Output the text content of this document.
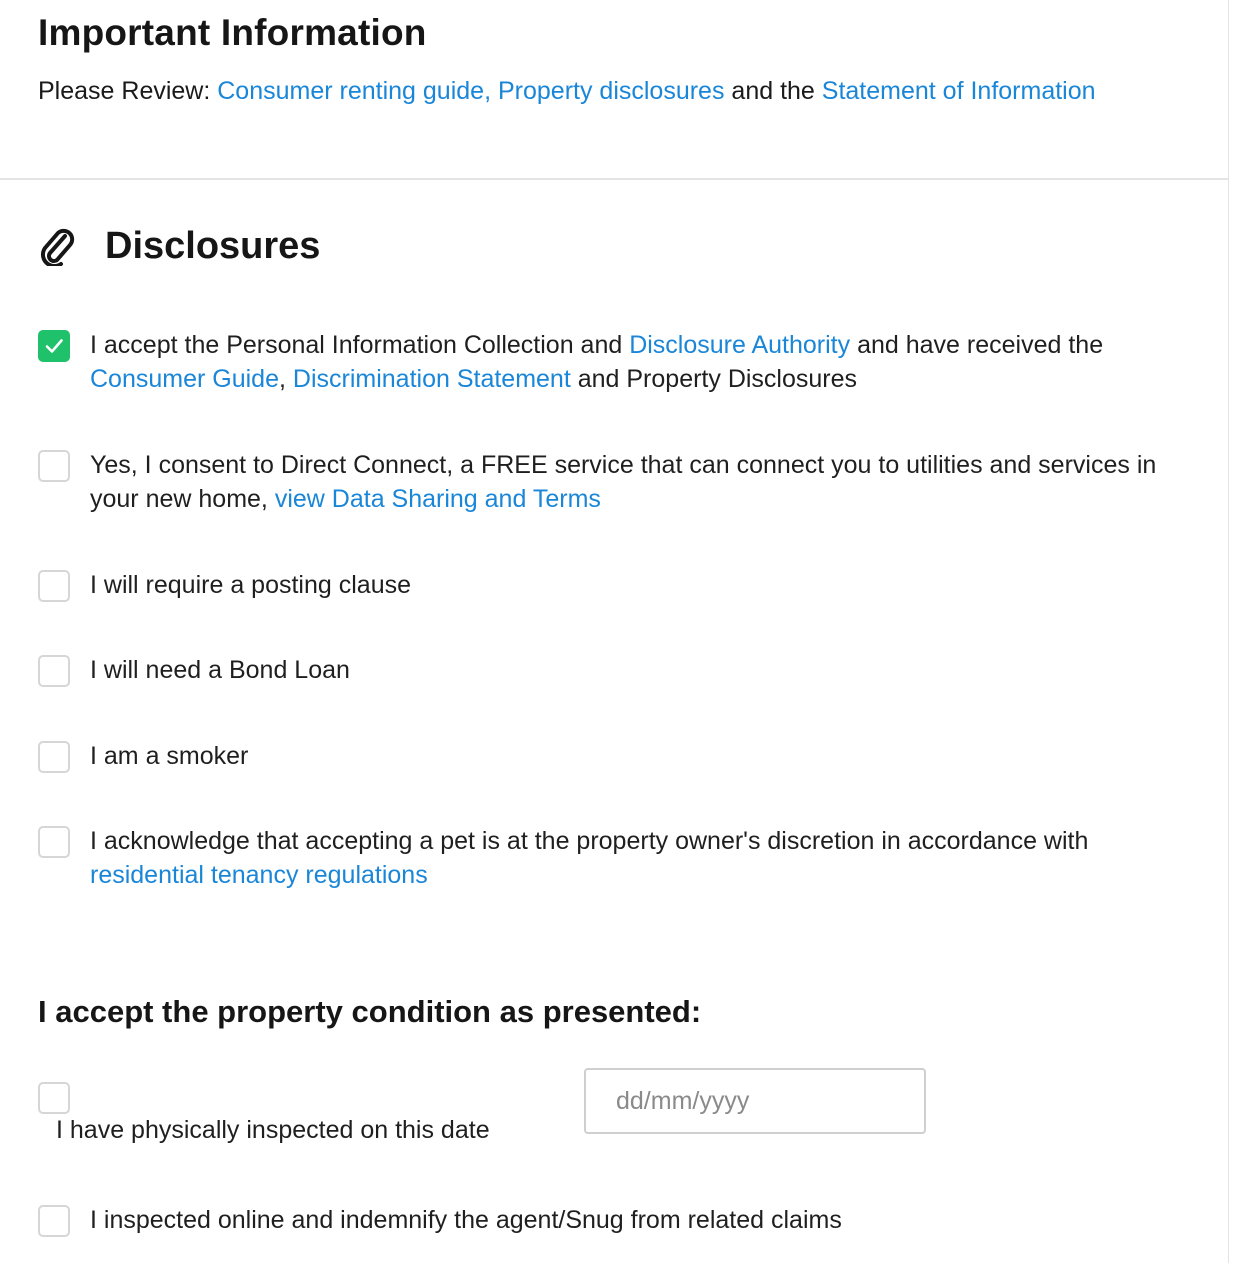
Important Information
Please Review: Consumer renting guide, Property disclosures and the Statement of Information
Disclosures
I accept the Personal Information Collection and Disclosure Authority and have received the Consumer Guide, Discrimination Statement and Property Disclosures
Yes, I consent to Direct Connect, a FREE service that can connect you to utilities and services in your new home, view Data Sharing and Terms
I will require a posting clause
I will need a Bond Loan
I am a smoker
I acknowledge that accepting a pet is at the property owner's discretion in accordance with residential tenancy regulations
I accept the property condition as presented:
I have physically inspected on this date
dd/mm/yyyy
I inspected online and indemnify the agent/Snug from related claims
